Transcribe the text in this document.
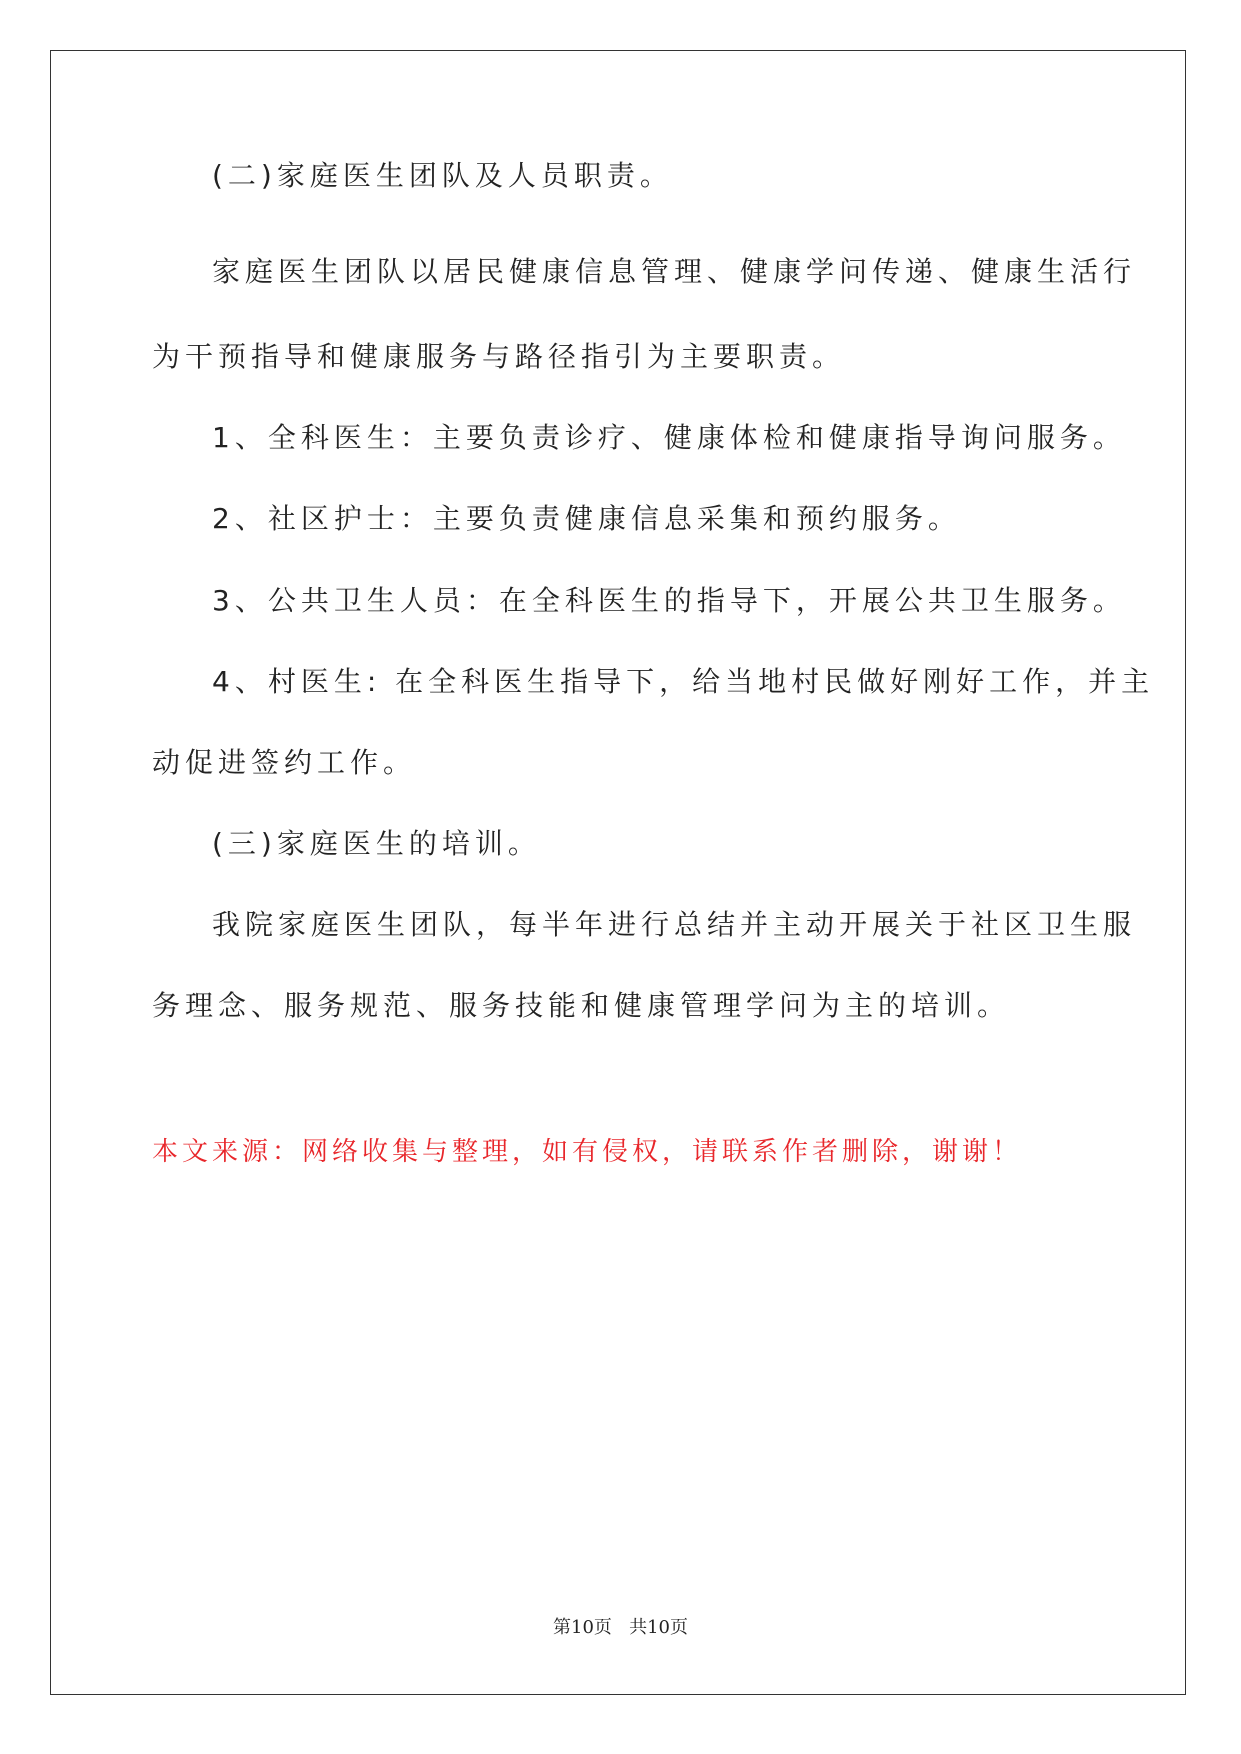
(二)家庭医生团队及人员职责。
家庭医生团队以居民健康信息管理、健康学问传递、健康生活行
为干预指导和健康服务与路径指引为主要职责。
1、全科医生：主要负责诊疗、健康体检和健康指导询问服务。
2、社区护士：主要负责健康信息采集和预约服务。
3、公共卫生人员：在全科医生的指导下，开展公共卫生服务。
4、村医生: 在全科医生指导下，给当地村民做好刚好工作，并主
动促进签约工作。
(三)家庭医生的培训。
我院家庭医生团队，每半年进行总结并主动开展关于社区卫生服
务理念、服务规范、服务技能和健康管理学问为主的培训。
本文来源：网络收集与整理，如有侵权，请联系作者删除，谢谢！
第10页   共10页
